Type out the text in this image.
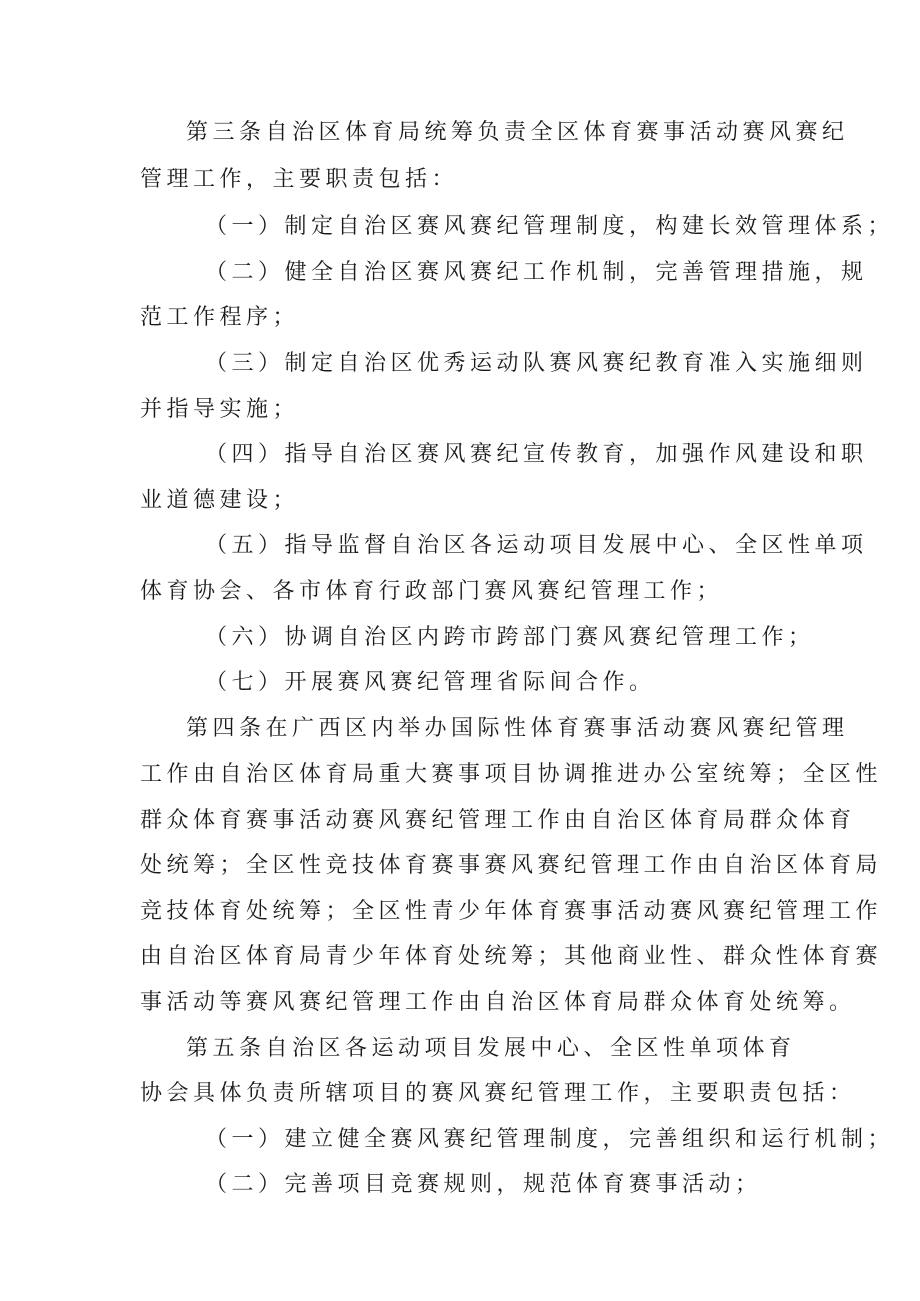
第三条自治区体育局统筹负责全区体育赛事活动赛风赛纪
管理工作，主要职责包括：
（一）制定自治区赛风赛纪管理制度，构建长效管理体系；
（二）健全自治区赛风赛纪工作机制，完善管理措施，规
范工作程序；
（三）制定自治区优秀运动队赛风赛纪教育准入实施细则
并指导实施；
（四）指导自治区赛风赛纪宣传教育，加强作风建设和职
业道德建设；
（五）指导监督自治区各运动项目发展中心、全区性单项
体育协会、各市体育行政部门赛风赛纪管理工作；
（六）协调自治区内跨市跨部门赛风赛纪管理工作；
（七）开展赛风赛纪管理省际间合作。
第四条在广西区内举办国际性体育赛事活动赛风赛纪管理
工作由自治区体育局重大赛事项目协调推进办公室统筹；全区性
群众体育赛事活动赛风赛纪管理工作由自治区体育局群众体育
处统筹；全区性竞技体育赛事赛风赛纪管理工作由自治区体育局
竞技体育处统筹；全区性青少年体育赛事活动赛风赛纪管理工作
由自治区体育局青少年体育处统筹；其他商业性、群众性体育赛
事活动等赛风赛纪管理工作由自治区体育局群众体育处统筹。
第五条自治区各运动项目发展中心、全区性单项体育
协会具体负责所辖项目的赛风赛纪管理工作，主要职责包括：
（一）建立健全赛风赛纪管理制度，完善组织和运行机制；
（二）完善项目竞赛规则，规范体育赛事活动；
